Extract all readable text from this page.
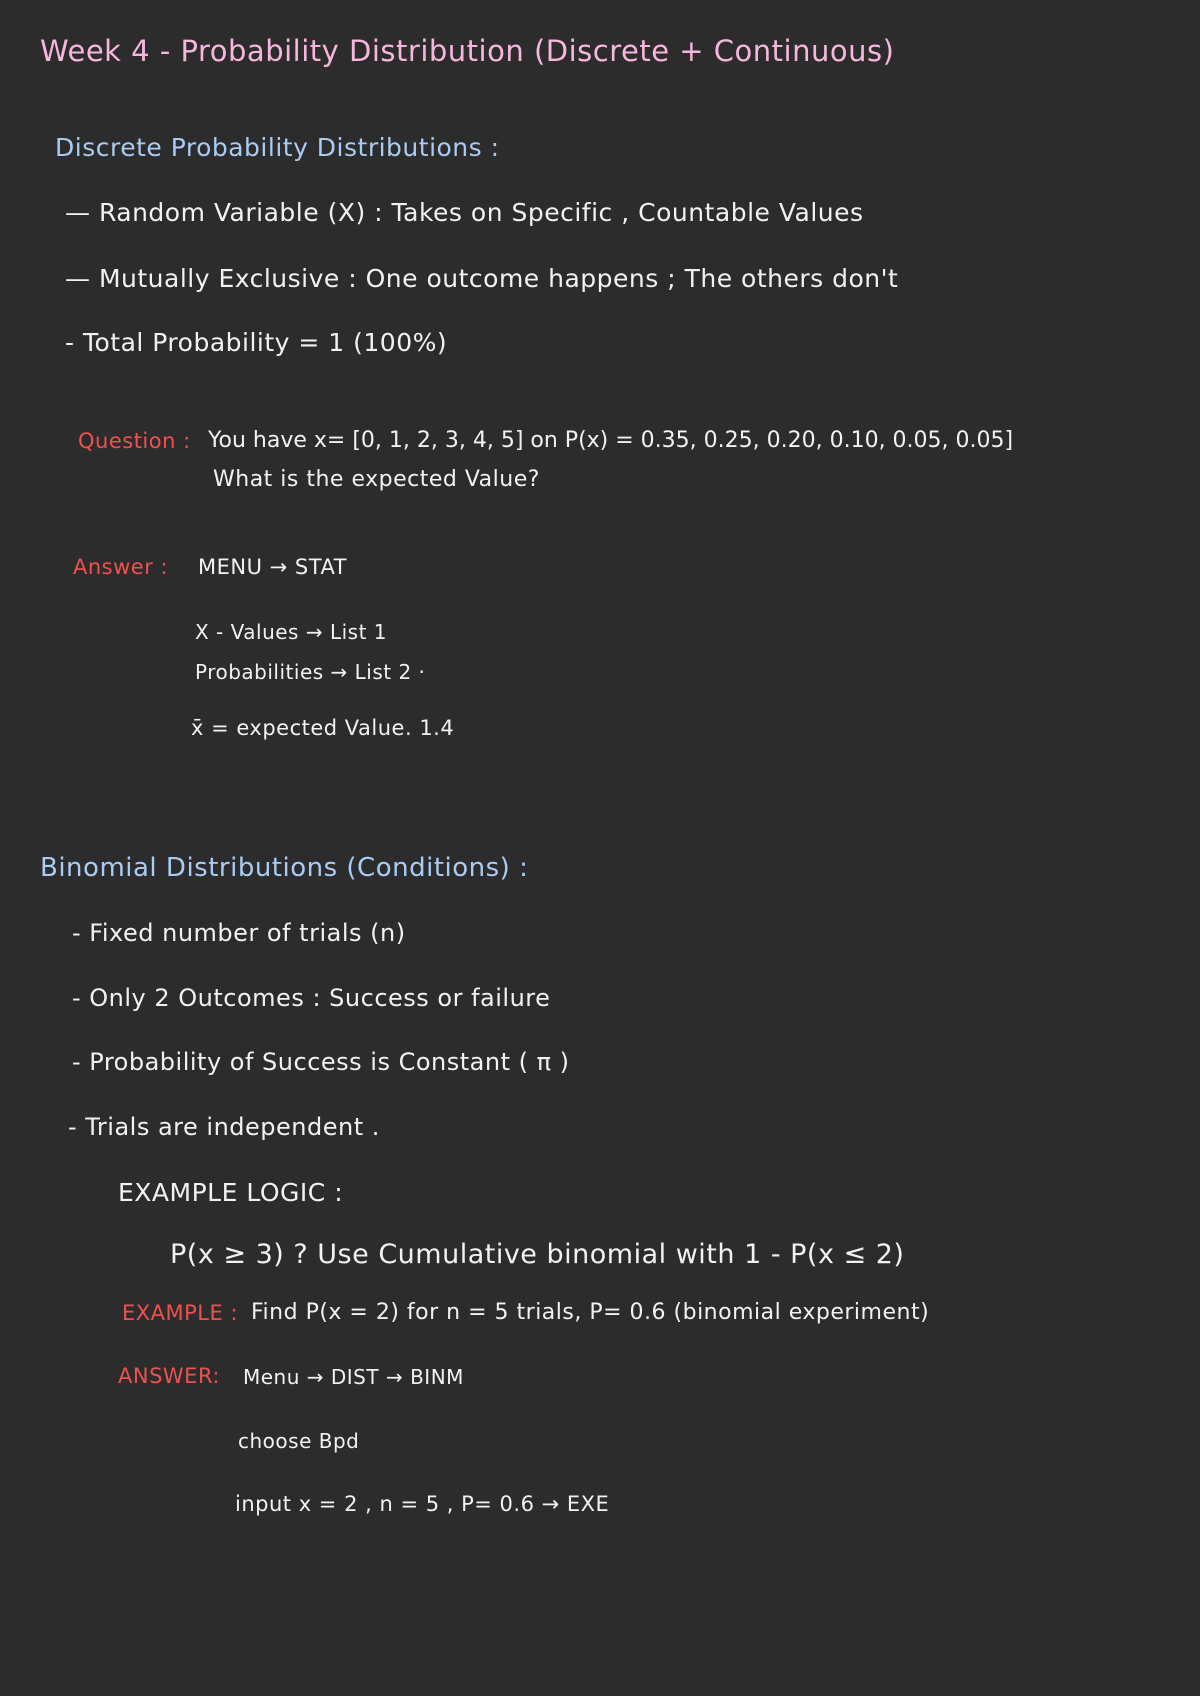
Week 4 - Probability Distribution (Discrete + Continuous)
Discrete Probability Distributions :
— Random Variable (X) : Takes on Specific , Countable Values
— Mutually Exclusive : One outcome happens ; The others don't
- Total Probability = 1 (100%)
Question : You have x= [0, 1, 2, 3, 4, 5] on P(x) = 0.35, 0.25, 0.20, 0.10, 0.05, 0.05]
What is the expected Value?
Answer : MENU → STAT
X - Values → List 1
Probabilities → List 2 ·
x̄ = expected Value. 1.4
Binomial Distributions (Conditions) :
- Fixed number of trials (n)
- Only 2 Outcomes : Success or failure
- Probability of Success is Constant ( π )
- Trials are independent .
EXAMPLE LOGIC :
P(x ≥ 3) ? Use Cumulative binomial with 1 - P(x ≤ 2)
EXAMPLE : Find P(x = 2) for n = 5 trials, P= 0.6 (binomial experiment)
ANSWER: Menu → DIST → BINM
choose Bpd
input x = 2 , n = 5 , P= 0.6 → EXE
